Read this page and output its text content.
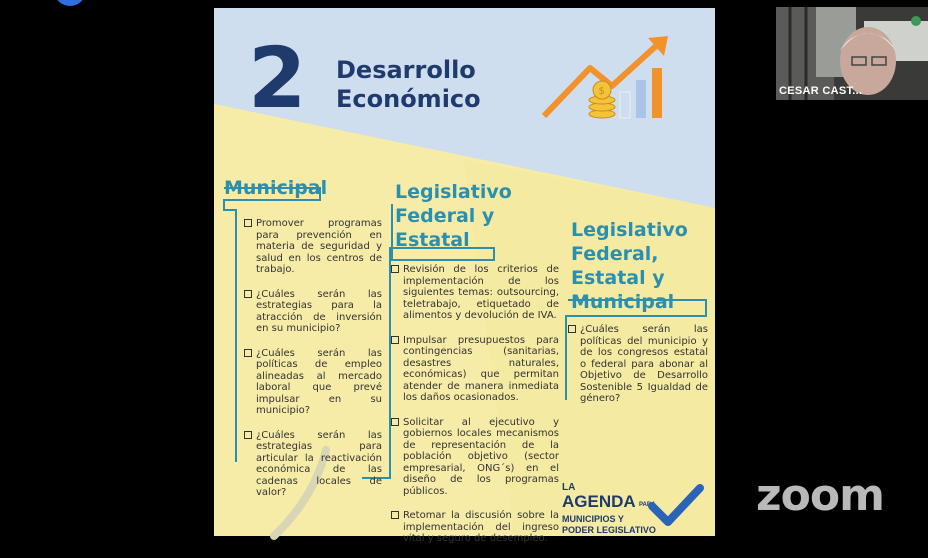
2 Desarrollo
Económico	$
Municipal	Legislativo
Federal y
Estatal	Legislativo
Federal,
Estatal y
Municipal
Promover programas para prevención en materia de seguridad y salud en los centros de trabajo.
¿Cuáles serán las estrategias para la atracción de inversión en su municipio?
¿Cuáles serán las políticas de empleo alineadas al mercado laboral que prevé impulsar en su municipio?
¿Cuáles serán las estrategias para articular la reactivación económica de las cadenas locales de valor?
Revisión de los criterios de implementación de los siguientes temas: outsourcing, teletrabajo, etiquetado de alimentos y devolución de IVA.
Impulsar presupuestos para contingencias (sanitarias, desastres naturales, económicas) que permitan atender de manera inmediata los daños ocasionados.
Solicitar al ejecutivo y gobiernos locales mecanismos de representación de la población objetivo (sector empresarial, ONG´s) en el diseño de los programas públicos.
Retomar la discusión sobre la implementación del ingreso vital y seguro de desempleo.
¿Cuáles serán las políticas del municipio y de los congresos estatal o federal para abonar al Objetivo de Desarrollo Sostenible 5 Igualdad de género?
LA
AGENDA PARA
MUNICIPIOS Y
PODER LEGISLATIVO
CESAR CAST...
zoom
